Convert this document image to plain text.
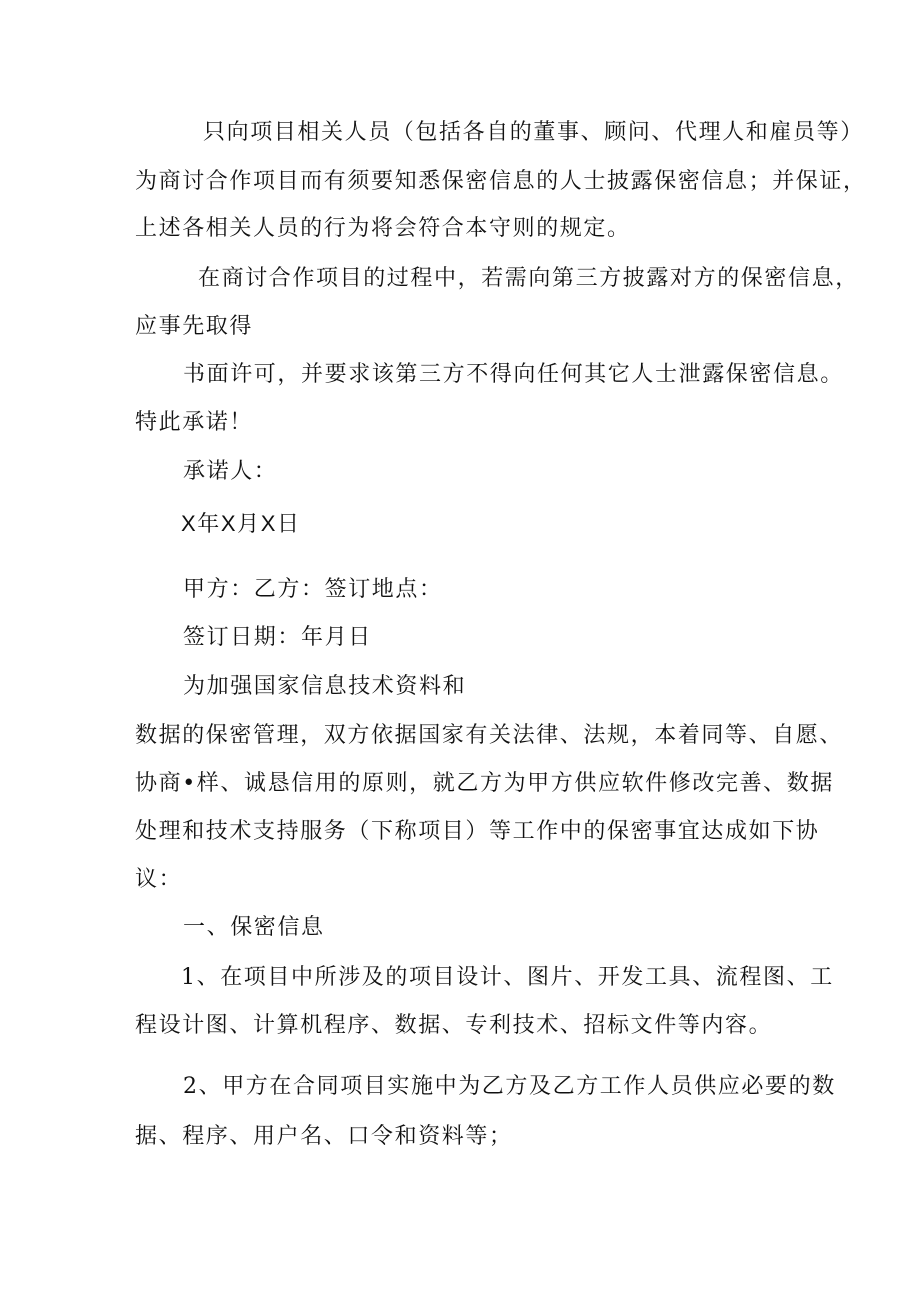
只向项目相关人员（包括各自的董事、顾问、代理人和雇员等）
为商讨合作项目而有须要知悉保密信息的人士披露保密信息；并保证，
上述各相关人员的行为将会符合本守则的规定。
在商讨合作项目的过程中，若需向第三方披露对方的保密信息，
应事先取得
书面许可，并要求该第三方不得向任何其它人士泄露保密信息。
特此承诺！
承诺人：
X年X月X日
甲方：乙方：签订地点：
签订日期：年月日
为加强国家信息技术资料和
数据的保密管理，双方依据国家有关法律、法规，本着同等、自愿、
协商•样、诚恳信用的原则，就乙方为甲方供应软件修改完善、数据
处理和技术支持服务（下称项目）等工作中的保密事宜达成如下协
议：
一、保密信息
1、在项目中所涉及的项目设计、图片、开发工具、流程图、工
程设计图、计算机程序、数据、专利技术、招标文件等内容。
2、甲方在合同项目实施中为乙方及乙方工作人员供应必要的数
据、程序、用户名、口令和资料等；
